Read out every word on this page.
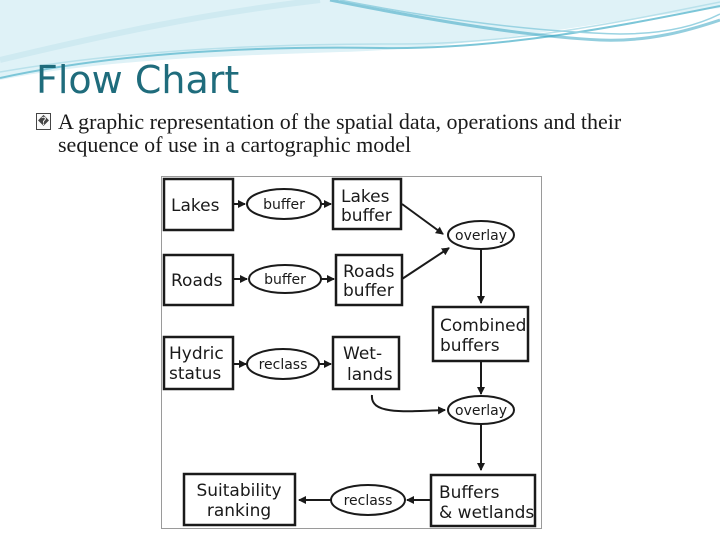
Flow Chart
� A graphic representation of the spatial data, operations and their sequence of use in a cartographic model
Lakes	buffer Lakes
buffer
Roads	buffer Roads
buffer
Hydric
status	reclass
Wet-
lands
overlay
Combined
buffers
overlay
Buffers
& wetlands
reclass
Suitability
ranking
